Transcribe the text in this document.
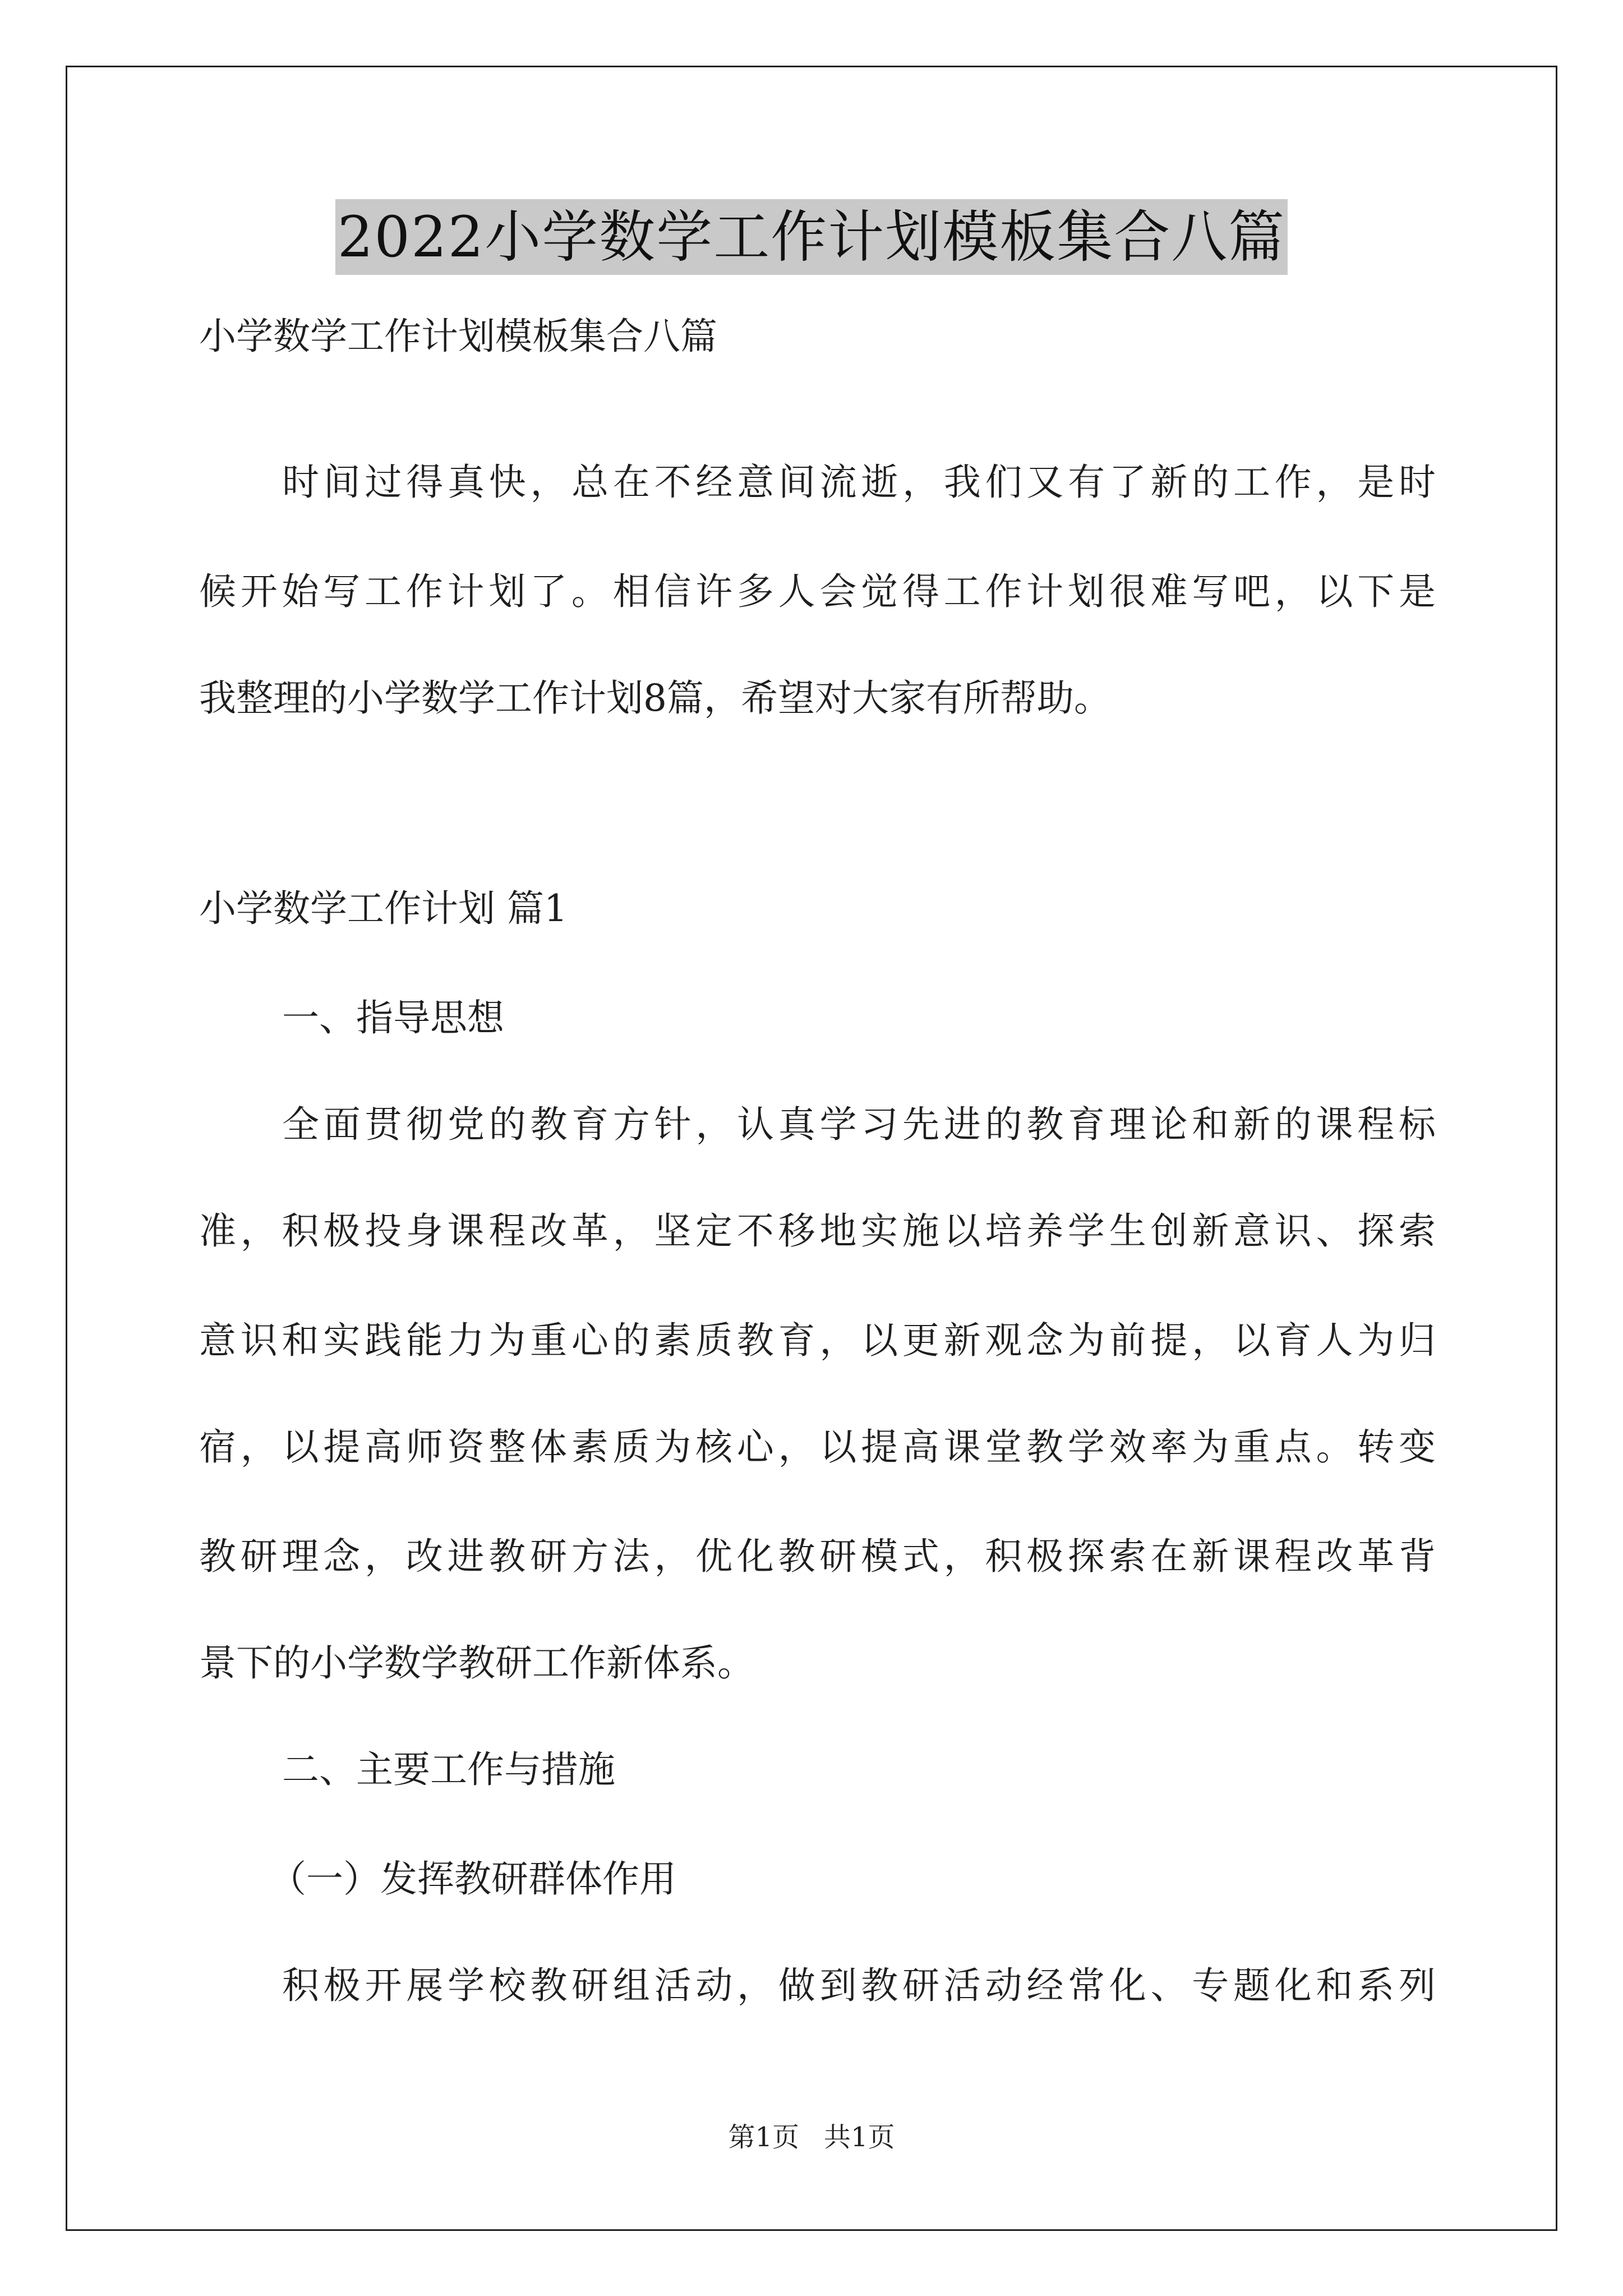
2022小学数学工作计划模板集合八篇
小学数学工作计划模板集合八篇
时间过得真快，总在不经意间流逝，我们又有了新的工作，是时
候开始写工作计划了。相信许多人会觉得工作计划很难写吧，以下是
我整理的小学数学工作计划8篇，希望对大家有所帮助。
小学数学工作计划 篇1
一、指导思想
全面贯彻党的教育方针，认真学习先进的教育理论和新的课程标
准，积极投身课程改革，坚定不移地实施以培养学生创新意识、探索
意识和实践能力为重心的素质教育，以更新观念为前提，以育人为归
宿，以提高师资整体素质为核心，以提高课堂教学效率为重点。转变
教研理念，改进教研方法，优化教研模式，积极探索在新课程改革背
景下的小学数学教研工作新体系。
二、主要工作与措施
（一）发挥教研群体作用
积极开展学校教研组活动，做到教研活动经常化、专题化和系列
第1页 共1页
